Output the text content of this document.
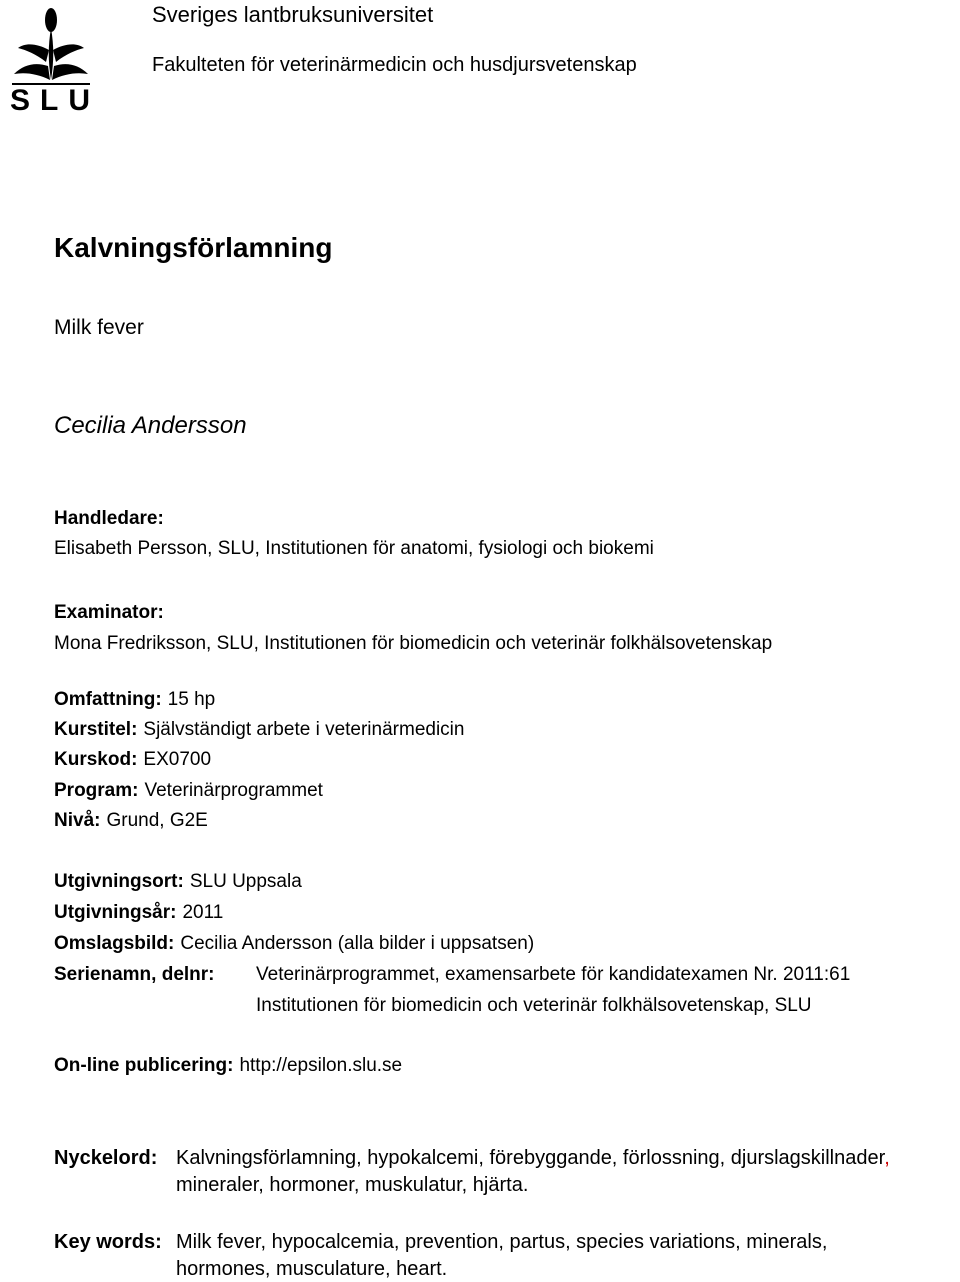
SLU
Sveriges lantbruksuniversitet
Fakulteten för veterinärmedicin och husdjursvetenskap
Kalvningsförlamning
Milk fever
Cecilia Andersson
Handledare:
Elisabeth Persson, SLU, Institutionen för anatomi, fysiologi och biokemi
Examinator:
Mona Fredriksson, SLU, Institutionen för biomedicin och veterinär folkhälsovetenskap
Omfattning: 15 hp
Kurstitel: Självständigt arbete i veterinärmedicin
Kurskod: EX0700
Program: Veterinärprogrammet
Nivå: Grund, G2E
Utgivningsort: SLU Uppsala
Utgivningsår: 2011
Omslagsbild: Cecilia Andersson (alla bilder i uppsatsen)
Serienamn, delnr: Veterinärprogrammet, examensarbete för kandidatexamen Nr. 2011:61
Institutionen för biomedicin och veterinär folkhälsovetenskap, SLU
On-line publicering: http://epsilon.slu.se
Nyckelord: Kalvningsförlamning, hypokalcemi, förebyggande, förlossning, djurslagskillnader,
mineraler, hormoner, muskulatur, hjärta.
Key words: Milk fever, hypocalcemia, prevention, partus, species variations, minerals,
hormones, musculature, heart.
